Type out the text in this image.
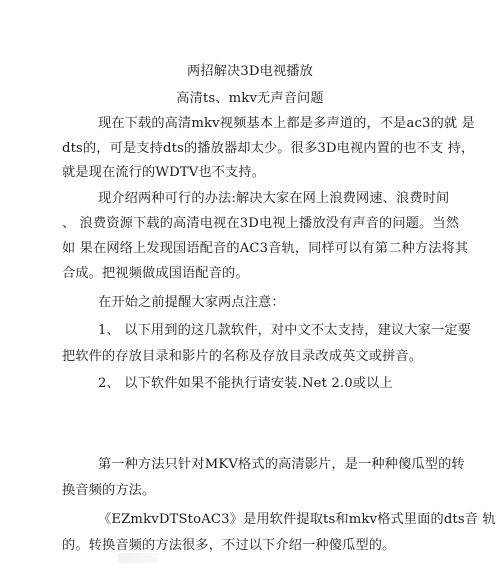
两招解决3D电视播放
高清ts、mkv无声音问题
现在下载的高清mkv视频基本上都是多声道的，不是ac3的就 是
dts的，可是支持dts的播放器却太少。很多3D电视内置的也不支 持，
就是现在流行的WDTV也不支持。
现介绍两种可行的办法:解决大家在网上浪费网速、浪费时间
、 浪费资源下载的高清电视在3D电视上播放没有声音的问题。当然
如 果在网络上发现国语配音的AC3音轨，同样可以有第二种方法将其
合成。把视频做成国语配音的。
在开始之前提醒大家两点注意：
1、 以下用到的这几款软件，对中文不太支持，建议大家一定要
把软件的存放目录和影片的名称及存放目录改成英文或拼音。
2、 以下软件如果不能执行请安装.Net 2.0或以上
第一种方法只针对MKV格式的高清影片，是一种种傻瓜型的转
换音频的方法。
《EZmkvDTStoAC3》是用软件提取ts和mkv格式里面的dts音 轨
的。转换音频的方法很多，不过以下介绍一种傻瓜型的。
